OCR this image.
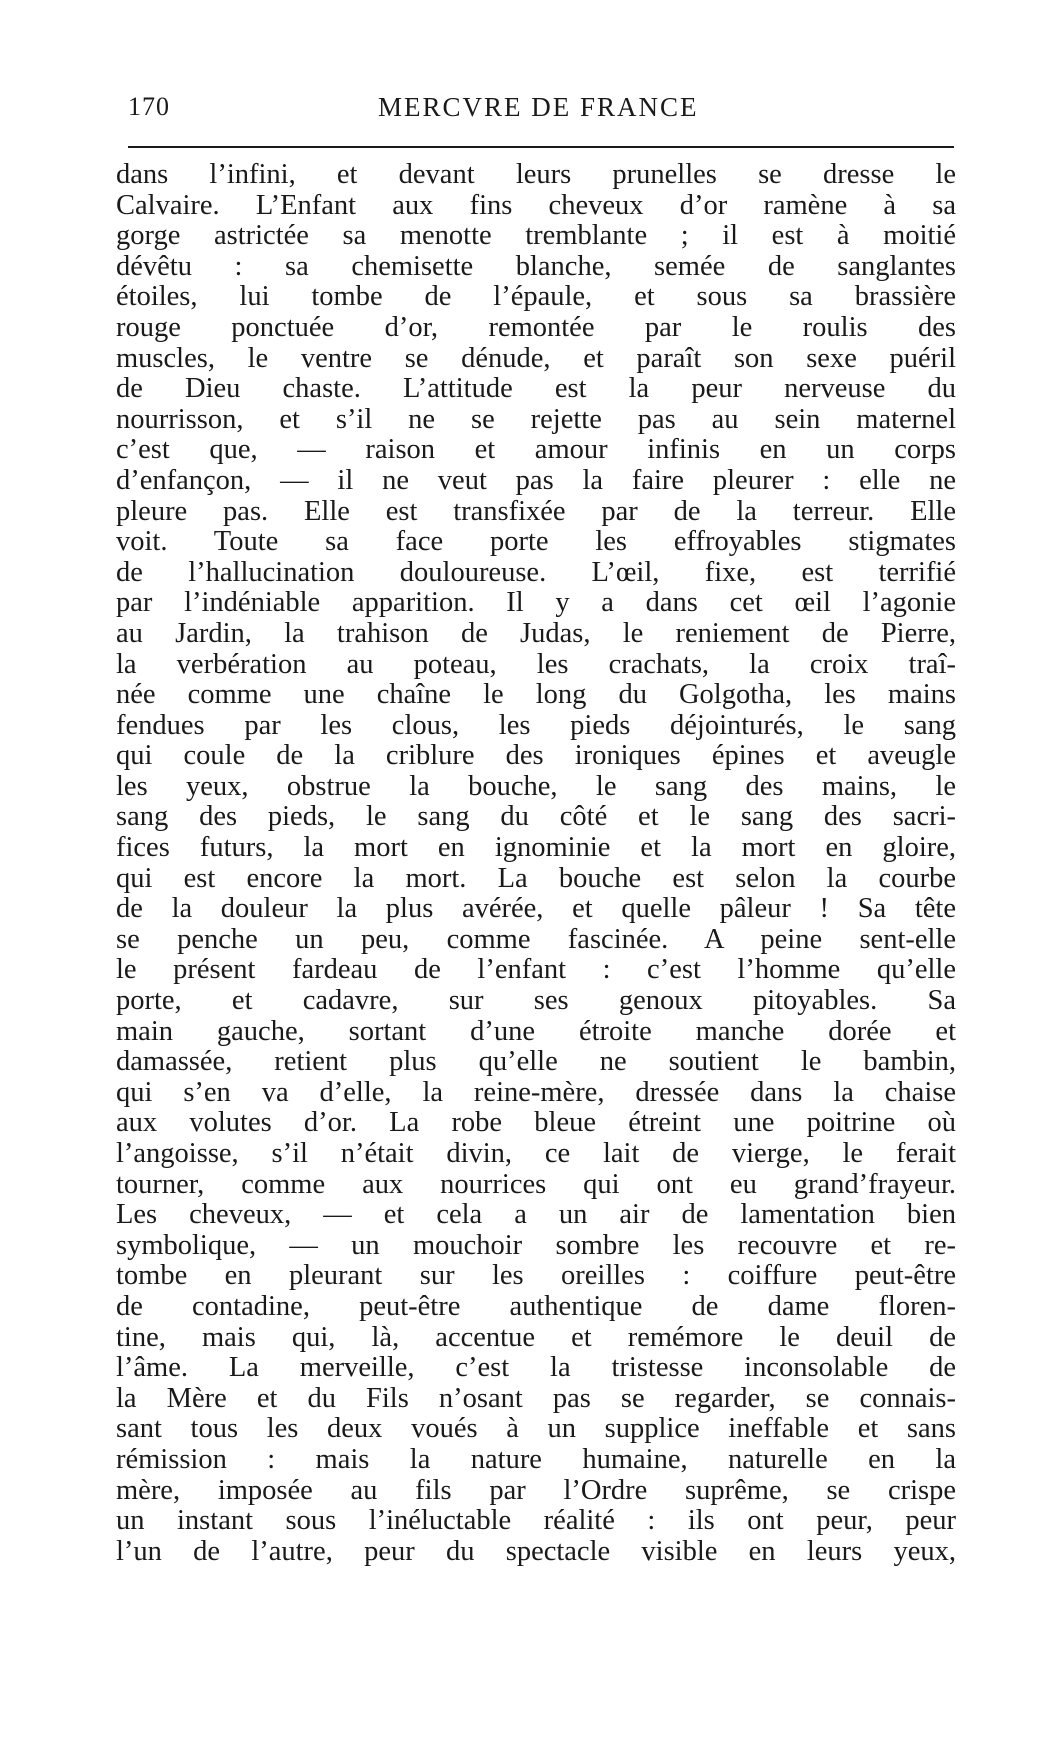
170	MERCVRE DE FRANCE
dans l’infini, et devant leurs prunelles se dresse le
Calvaire. L’Enfant aux fins cheveux d’or ramène à sa
gorge astrictée sa menotte tremblante ; il est à moitié
dévêtu : sa chemisette blanche, semée de sanglantes
étoiles, lui tombe de l’épaule, et sous sa brassière
rouge ponctuée d’or, remontée par le roulis des
muscles, le ventre se dénude, et paraît son sexe puéril
de Dieu chaste. L’attitude est la peur nerveuse du
nourrisson, et s’il ne se rejette pas au sein maternel
c’est que, — raison et amour infinis en un corps
d’enfançon, — il ne veut pas la faire pleurer : elle ne
pleure pas. Elle est transfixée par de la terreur. Elle
voit. Toute sa face porte les effroyables stigmates
de l’hallucination douloureuse. L’œil, fixe, est terrifié
par l’indéniable apparition. Il y a dans cet œil l’agonie
au Jardin, la trahison de Judas, le reniement de Pierre,
la verbération au poteau, les crachats, la croix traî-
née comme une chaîne le long du Golgotha, les mains
fendues par les clous, les pieds déjointurés, le sang
qui coule de la criblure des ironiques épines et aveugle
les yeux, obstrue la bouche, le sang des mains, le
sang des pieds, le sang du côté et le sang des sacri-
fices futurs, la mort en ignominie et la mort en gloire,
qui est encore la mort. La bouche est selon la courbe
de la douleur la plus avérée, et quelle pâleur ! Sa tête
se penche un peu, comme fascinée. A peine sent-elle
le présent fardeau de l’enfant : c’est l’homme qu’elle
porte, et cadavre, sur ses genoux pitoyables. Sa
main gauche, sortant d’une étroite manche dorée et
damassée, retient plus qu’elle ne soutient le bambin,
qui s’en va d’elle, la reine-mère, dressée dans la chaise
aux volutes d’or. La robe bleue étreint une poitrine où
l’angoisse, s’il n’était divin, ce lait de vierge, le ferait
tourner, comme aux nourrices qui ont eu grand’frayeur.
Les cheveux, — et cela a un air de lamentation bien
symbolique, — un mouchoir sombre les recouvre et re-
tombe en pleurant sur les oreilles : coiffure peut-être
de contadine, peut-être authentique de dame floren-
tine, mais qui, là, accentue et remémore le deuil de
l’âme. La merveille, c’est la tristesse inconsolable de
la Mère et du Fils n’osant pas se regarder, se connais-
sant tous les deux voués à un supplice ineffable et sans
rémission : mais la nature humaine, naturelle en la
mère, imposée au fils par l’Ordre suprême, se crispe
un instant sous l’inéluctable réalité : ils ont peur, peur
l’un de l’autre, peur du spectacle visible en leurs yeux,
